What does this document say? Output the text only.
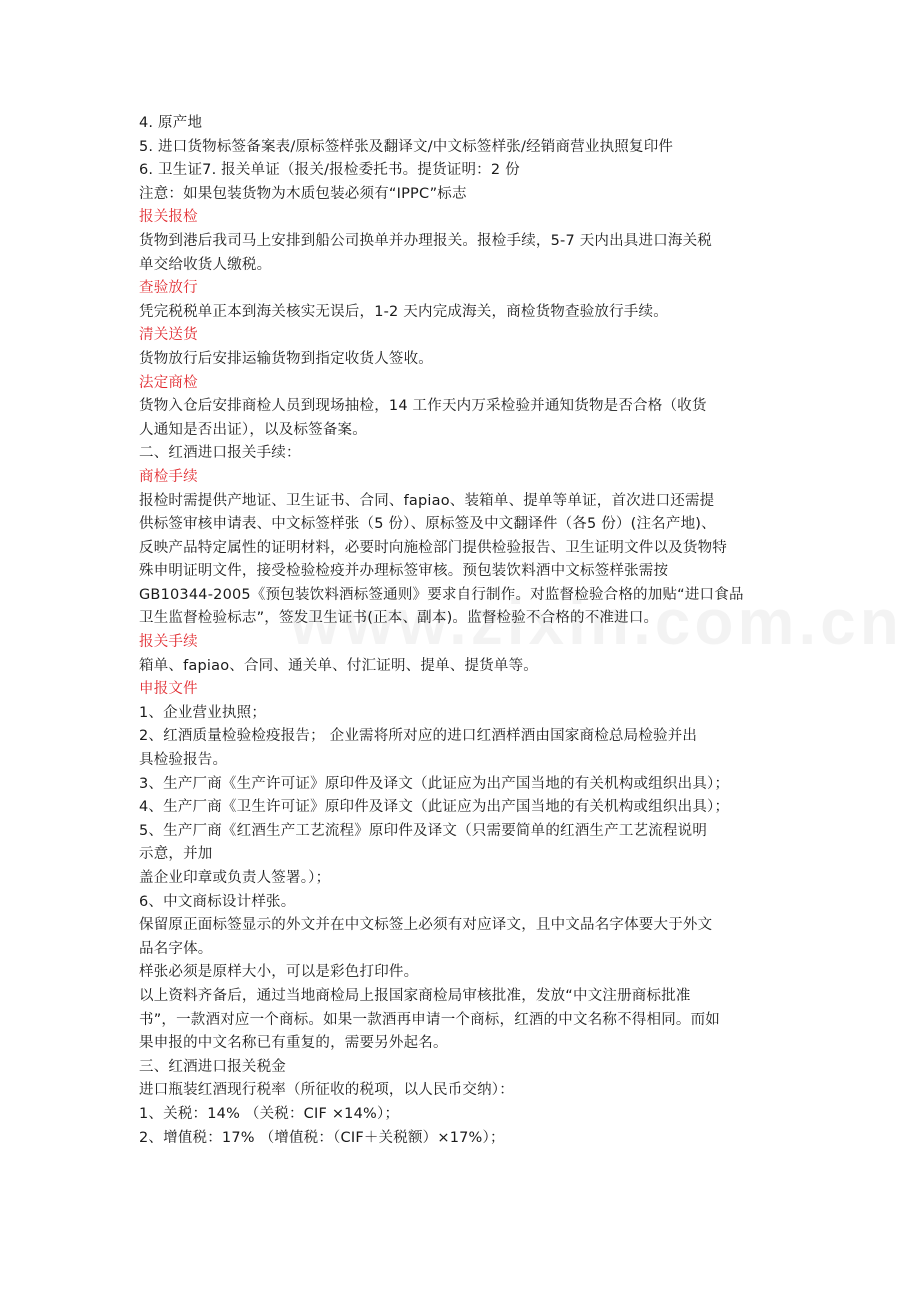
4. 原产地
5. 进口货物标签备案表/原标签样张及翻译文/中文标签样张/经销商营业执照复印件
6. 卫生证7. 报关单证（报关/报检委托书。提货证明：2 份
注意：如果包装货物为木质包装必须有“IPPC”标志
报关报检
货物到港后我司马上安排到船公司换单并办理报关。报检手续，5-7 天内出具进口海关税
单交给收货人缴税。
查验放行
凭完税税单正本到海关核实无误后，1-2 天内完成海关，商检货物查验放行手续。
清关送货
货物放行后安排运输货物到指定收货人签收。
法定商检
货物入仓后安排商检人员到现场抽检，14 工作天内万采检验并通知货物是否合格（收货
人通知是否出证），以及标签备案。
二、红酒进口报关手续：
商检手续
报检时需提供产地证、卫生证书、合同、fapiao、装箱单、提单等单证，首次进口还需提
供标签审核申请表、中文标签样张（5 份）、原标签及中文翻译件（各5 份）(注名产地)、
反映产品特定属性的证明材料，必要时向施检部门提供检验报告、卫生证明文件以及货物特
殊申明证明文件，接受检验检疫并办理标签审核。预包装饮料酒中文标签样张需按
GB10344-2005《预包装饮料酒标签通则》要求自行制作。对监督检验合格的加贴“进口食品
卫生监督检验标志”，签发卫生证书(正本、副本)。监督检验不合格的不准进口。
报关手续
箱单、fapiao、合同、通关单、付汇证明、提单、提货单等。
申报文件
1、企业营业执照；
2、红酒质量检验检疫报告； 企业需将所对应的进口红酒样酒由国家商检总局检验并出
具检验报告。
3、生产厂商《生产许可证》原印件及译文（此证应为出产国当地的有关机构或组织出具）；
4、生产厂商《卫生许可证》原印件及译文（此证应为出产国当地的有关机构或组织出具）；
5、生产厂商《红酒生产工艺流程》原印件及译文（只需要简单的红酒生产工艺流程说明
示意，并加
盖企业印章或负责人签署。）；
6、中文商标设计样张。
保留原正面标签显示的外文并在中文标签上必须有对应译文，且中文品名字体要大于外文
品名字体。
样张必须是原样大小，可以是彩色打印件。
以上资料齐备后，通过当地商检局上报国家商检局审核批准，发放“中文注册商标批准
书”，一款酒对应一个商标。如果一款酒再申请一个商标，红酒的中文名称不得相同。而如
果申报的中文名称已有重复的，需要另外起名。
三、红酒进口报关税金
进口瓶装红酒现行税率（所征收的税项，以人民币交纳）：
1、关税：14% （关税：CIF ×14%）；
2、增值税：17% （增值税：（CIF＋关税额）×17%）；
